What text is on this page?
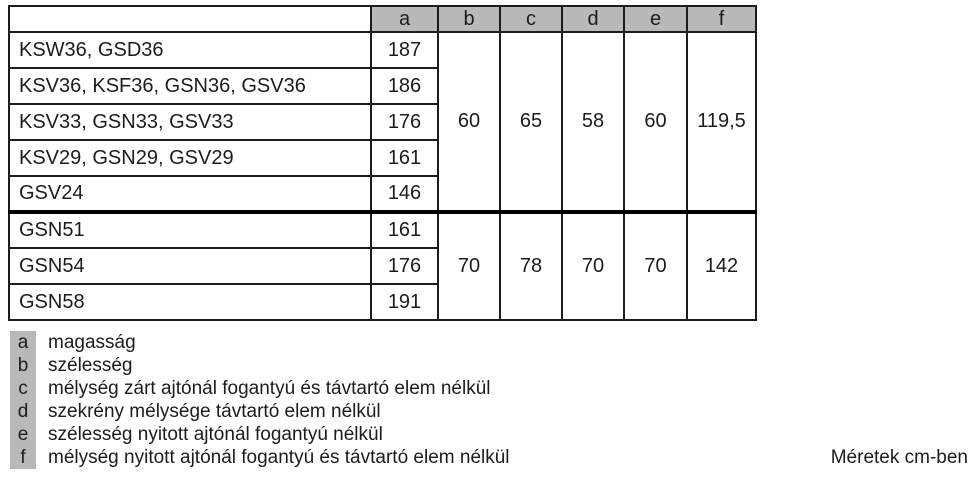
	a	b	c	d	e	f
KSW36, GSD36	187	60	65	58	60	119,5
KSV36, KSF36, GSN36, GSV36	186					
KSV33, GSN33, GSV33	176					
KSV29, GSN29, GSV29	161					
GSV24	146					
GSN51	161	70	78	70	70	142
GSN54	176					
GSN58	191					
a	magasság
b	szélesség
c	mélység zárt ajtónál fogantyú és távtartó elem nélkül
d	szekrény mélysége távtartó elem nélkül
e	szélesség nyitott ajtónál fogantyú nélkül
f	mélység nyitott ajtónál fogantyú és távtartó elem nélkül	Méretek cm-ben
